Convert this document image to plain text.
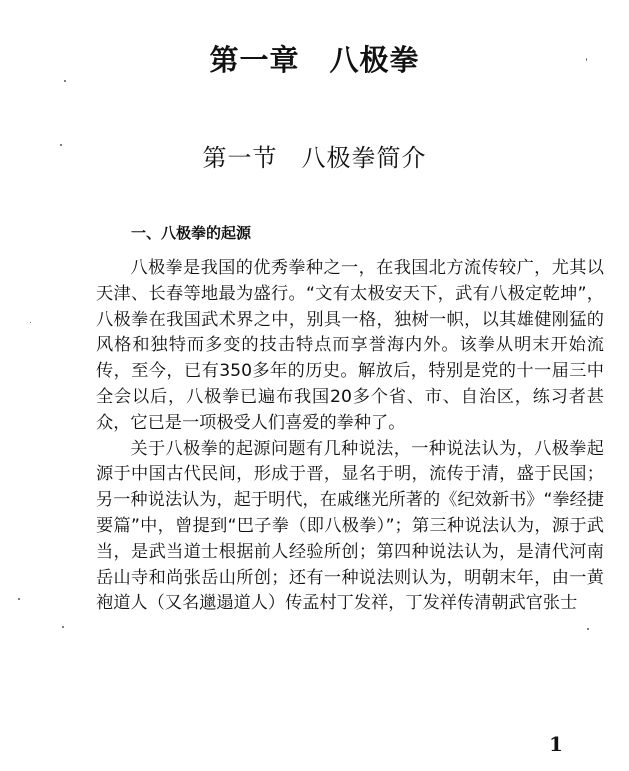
第一章 八极拳
第一节 八极拳简介
一、八极拳的起源

八极拳是我国的优秀拳种之一，在我国北方流传较广，尤其以天津、长春等地最为盛行。“文有太极安天下，武有八极定乾坤”，八极拳在我国武术界之中，别具一格，独树一帜，以其雄健刚猛的风格和独特而多变的技击特点而享誉海内外。该拳从明末开始流传，至今，已有350多年的历史。解放后，特别是党的十一届三中全会以后，八极拳已遍布我国20多个省、市、自治区，练习者甚众，它已是一项极受人们喜爱的拳种了。

关于八极拳的起源问题有几种说法，一种说法认为，八极拳起源于中国古代民间，形成于晋，显名于明，流传于清，盛于民国；另一种说法认为，起于明代，在戚继光所著的《纪效新书》“拳经捷要篇”中，曾提到“巴子拳（即八极拳）”；第三种说法认为，源于武当，是武当道士根据前人经验所创；第四种说法认为，是清代河南岳山寺和尚张岳山所创；还有一种说法则认为，明朝末年，由一黄袍道人（又名邋遢道人）传孟村丁发祥，丁发祥传清朝武官张士

1
